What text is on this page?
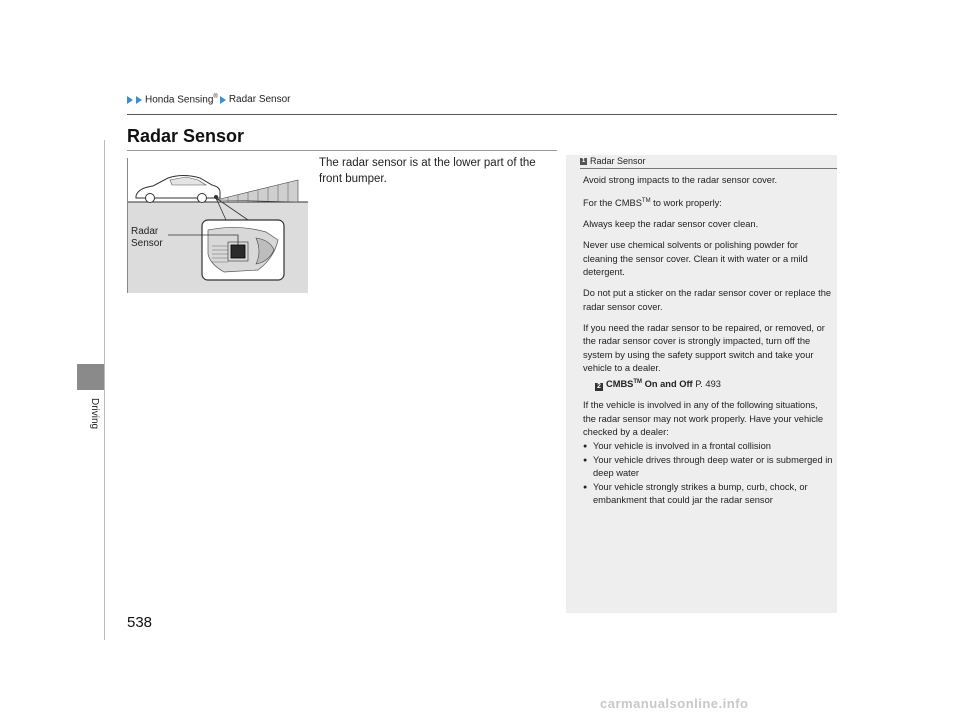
Honda Sensing® Radar Sensor
Driving
Radar Sensor
The radar sensor is at the lower part of the front bumper.
Radar
Sensor
1 Radar Sensor

Avoid strong impacts to the radar sensor cover.

For the CMBS™ to work properly:

Always keep the radar sensor cover clean.

Never use chemical solvents or polishing powder for cleaning the sensor cover. Clean it with water or a mild detergent.

Do not put a sticker on the radar sensor cover or replace the radar sensor cover.

If you need the radar sensor to be repaired, or removed, or the radar sensor cover is strongly impacted, turn off the system by using the safety support switch and take your vehicle to a dealer.

2 CMBS™ On and Off P. 493

If the vehicle is involved in any of the following situations, the radar sensor may not work properly. Have your vehicle checked by a dealer:

● Your vehicle is involved in a frontal collision
● Your vehicle drives through deep water or is submerged in deep water
● Your vehicle strongly strikes a bump, curb, chock, or embankment that could jar the radar sensor
538
carmanualsonline.info
